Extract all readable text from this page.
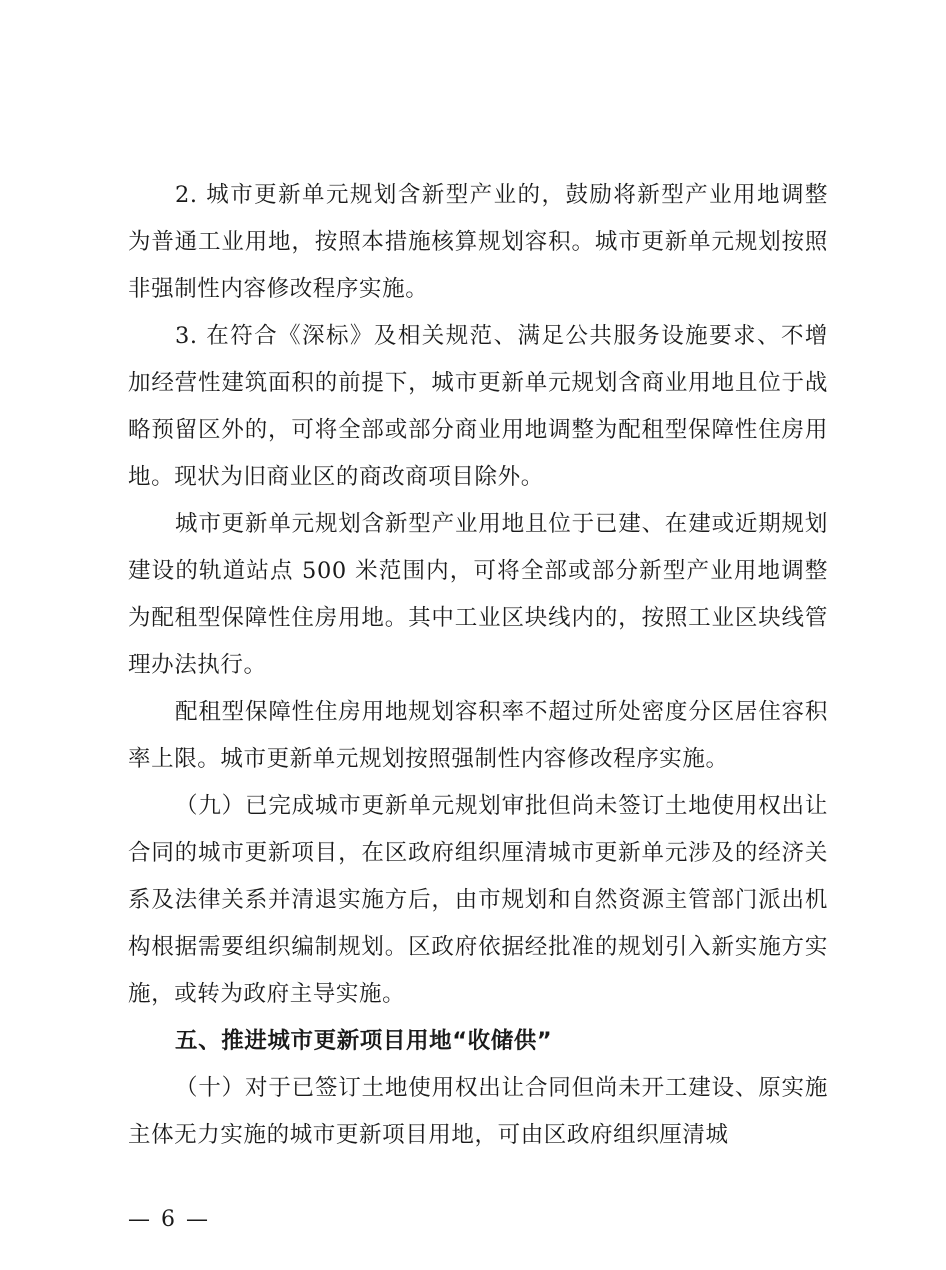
2. 城市更新单元规划含新型产业的，鼓励将新型产业用地调整为普通工业用地，按照本措施核算规划容积。城市更新单元规划按照非强制性内容修改程序实施。

3. 在符合《深标》及相关规范、满足公共服务设施要求、不增加经营性建筑面积的前提下，城市更新单元规划含商业用地且位于战略预留区外的，可将全部或部分商业用地调整为配租型保障性住房用地。现状为旧商业区的商改商项目除外。

城市更新单元规划含新型产业用地且位于已建、在建或近期规划建设的轨道站点 500 米范围内，可将全部或部分新型产业用地调整为配租型保障性住房用地。其中工业区块线内的，按照工业区块线管理办法执行。

配租型保障性住房用地规划容积率不超过所处密度分区居住容积率上限。城市更新单元规划按照强制性内容修改程序实施。

（九）已完成城市更新单元规划审批但尚未签订土地使用权出让合同的城市更新项目，在区政府组织厘清城市更新单元涉及的经济关系及法律关系并清退实施方后，由市规划和自然资源主管部门派出机构根据需要组织编制规划。区政府依据经批准的规划引入新实施方实施，或转为政府主导实施。

五、推进城市更新项目用地“收储供”

（十）对于已签订土地使用权出让合同但尚未开工建设、原实施主体无力实施的城市更新项目用地，可由区政府组织厘清城

— 6 —
